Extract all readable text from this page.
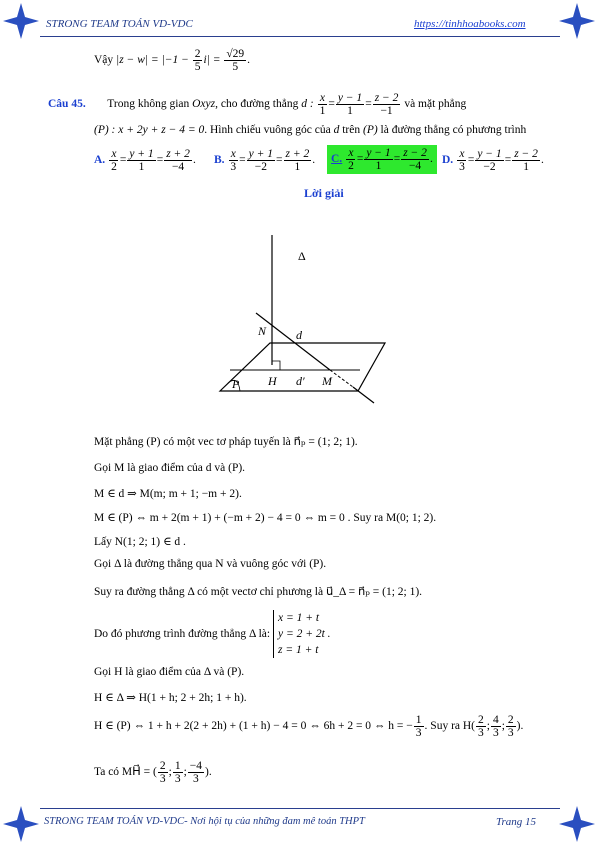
STRONG TEAM TOÁN VD-VDC	https://tinhhoabooks.com
Vậy $|z - w| = |-1 - \frac{2}{5} i| = \frac{√29}{5}$ .
Câu 45. Trong không gian Oxyz, cho đường thẳng d : $\frac{x}{1} = \frac{y - 1}{1} = \frac{z - 2}{-1}$ và mặt phẳng
(P) : x + 2y + z − 4 = 0. Hình chiếu vuông góc của d trên (P) là đường thẳng có phương trình
A. $\frac{x}{2} = \frac{y + 1}{1} = \frac{z + 2}{-4}$ . B. $\frac{x}{3} = \frac{y + 1}{-2} = \frac{z + 2}{1}$ .	C. $\frac{x}{2} = \frac{y - 1}{1} = \frac{z - 2}{-4}$ . D. $\frac{x}{3} = \frac{y - 1}{-2} = \frac{z - 2}{1}$ .
Lời giải
Δ
N d
P H d′ M
Mặt phẳng (P) có một vec tơ pháp tuyến là n⃗ₚ = (1; 2; 1).
Gọi M là giao điểm của d và (P).
M ∈ d ⇒ M(m; m + 1; −m + 2).
M ∈ (P) ⇔ m + 2(m + 1) + (−m + 2) − 4 = 0 ⇔ m = 0 . Suy ra M(0; 1; 2).
Lấy N(1; 2; 1) ∈ d .
Gọi Δ là đường thẳng qua N và vuông góc với (P).
Suy ra đường thẳng Δ có một vectơ chỉ phương là u⃗_Δ = n⃗ₚ = (1; 2; 1).
Do đó phương trình đường thẳng Δ là:
x = 1 + t
y = 2 + 2t .
z = 1 + t
Gọi H là giao điểm của Δ và (P).
H ∈ Δ ⇒ H(1 + h; 2 + 2h; 1 + h).
H ∈ (P) ⇔ 1 + h + 2(2 + 2h) + (1 + h) − 4 = 0 ⇔ 6h + 2 = 0 ⇔ h = − $\frac{1}{3}$ . Suy ra $H( \frac{2}{3}$ ; $\frac{4}{3}$ ; $\frac{2}{3}$ ).
Ta có MH⃗ = ( $\frac{2}{3}$ ; $\frac{1}{3}$ ; $\frac{-4}{3}$ ).
STRONG TEAM TOÁN VD-VDC- Nơi hội tụ của những đam mê toán THPT	Trang 15
